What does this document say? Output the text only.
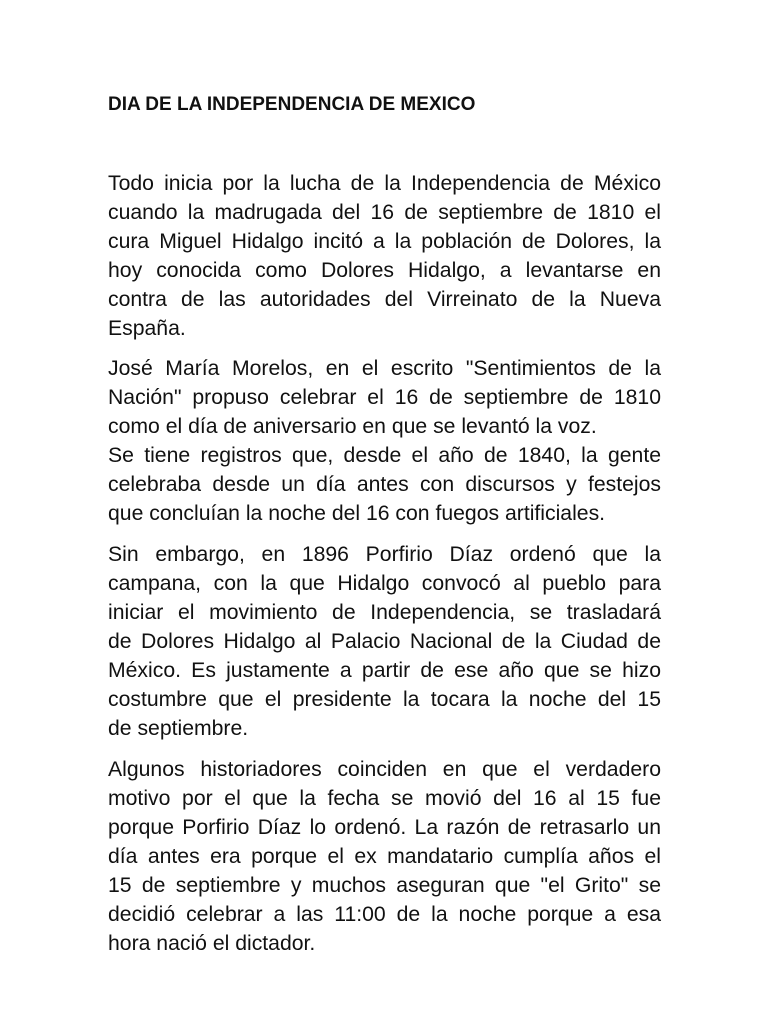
DIA DE LA INDEPENDENCIA DE MEXICO

Todo inicia por la lucha de la Independencia de México
cuando la madrugada del 16 de septiembre de 1810 el
cura Miguel Hidalgo incitó a la población de Dolores, la
hoy conocida como Dolores Hidalgo, a levantarse en
contra de las autoridades del Virreinato de la Nueva
España.

José María Morelos, en el escrito "Sentimientos de la
Nación" propuso celebrar el 16 de septiembre de 1810
como el día de aniversario en que se levantó la voz.
Se tiene registros que, desde el año de 1840, la gente
celebraba desde un día antes con discursos y festejos
que concluían la noche del 16 con fuegos artificiales.

Sin embargo, en 1896 Porfirio Díaz ordenó que la
campana, con la que Hidalgo convocó al pueblo para
iniciar el movimiento de Independencia, se trasladará
de Dolores Hidalgo al Palacio Nacional de la Ciudad de
México. Es justamente a partir de ese año que se hizo
costumbre que el presidente la tocara la noche del 15
de septiembre.

Algunos historiadores coinciden en que el verdadero
motivo por el que la fecha se movió del 16 al 15 fue
porque Porfirio Díaz lo ordenó. La razón de retrasarlo un
día antes era porque el ex mandatario cumplía años el
15 de septiembre y muchos aseguran que "el Grito" se
decidió celebrar a las 11:00 de la noche porque a esa
hora nació el dictador.
